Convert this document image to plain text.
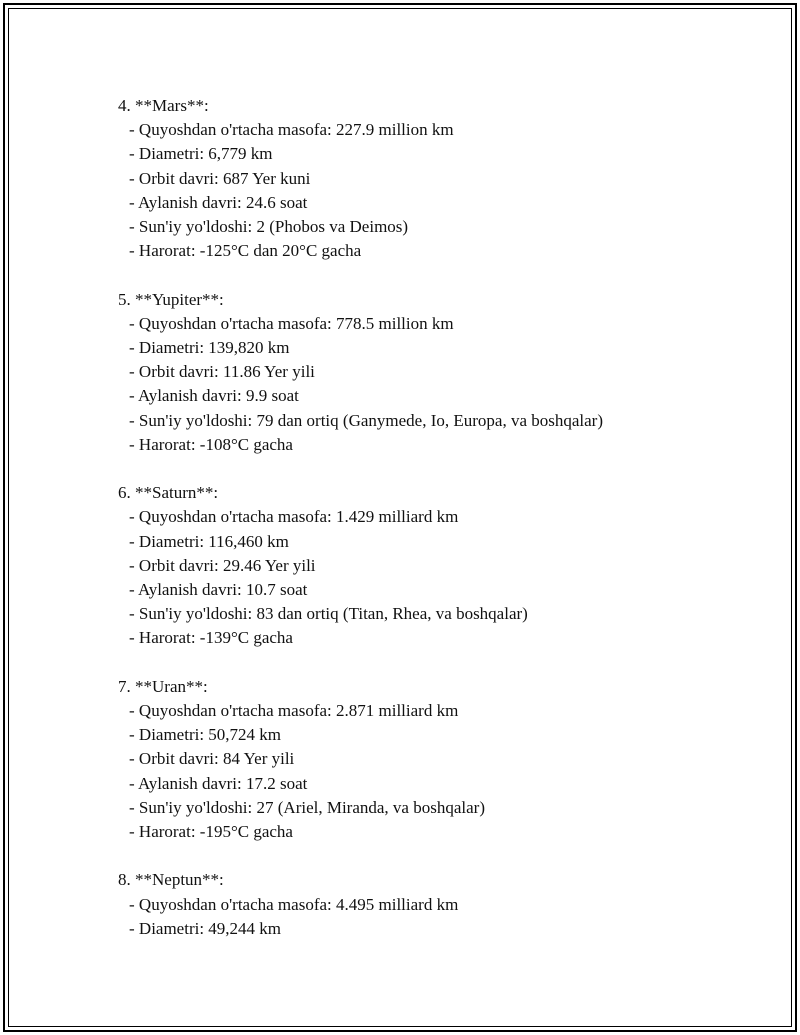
4. **Mars**:
- Quyoshdan o'rtacha masofa: 227.9 million km
- Diametri: 6,779 km
- Orbit davri: 687 Yer kuni
- Aylanish davri: 24.6 soat
- Sun'iy yo'ldoshi: 2 (Phobos va Deimos)
- Harorat: -125°C dan 20°C gacha
5. **Yupiter**:
- Quyoshdan o'rtacha masofa: 778.5 million km
- Diametri: 139,820 km
- Orbit davri: 11.86 Yer yili
- Aylanish davri: 9.9 soat
- Sun'iy yo'ldoshi: 79 dan ortiq (Ganymede, Io, Europa, va boshqalar)
- Harorat: -108°C gacha
6. **Saturn**:
- Quyoshdan o'rtacha masofa: 1.429 milliard km
- Diametri: 116,460 km
- Orbit davri: 29.46 Yer yili
- Aylanish davri: 10.7 soat
- Sun'iy yo'ldoshi: 83 dan ortiq (Titan, Rhea, va boshqalar)
- Harorat: -139°C gacha
7. **Uran**:
- Quyoshdan o'rtacha masofa: 2.871 milliard km
- Diametri: 50,724 km
- Orbit davri: 84 Yer yili
- Aylanish davri: 17.2 soat
- Sun'iy yo'ldoshi: 27 (Ariel, Miranda, va boshqalar)
- Harorat: -195°C gacha
8. **Neptun**:
- Quyoshdan o'rtacha masofa: 4.495 milliard km
- Diametri: 49,244 km
